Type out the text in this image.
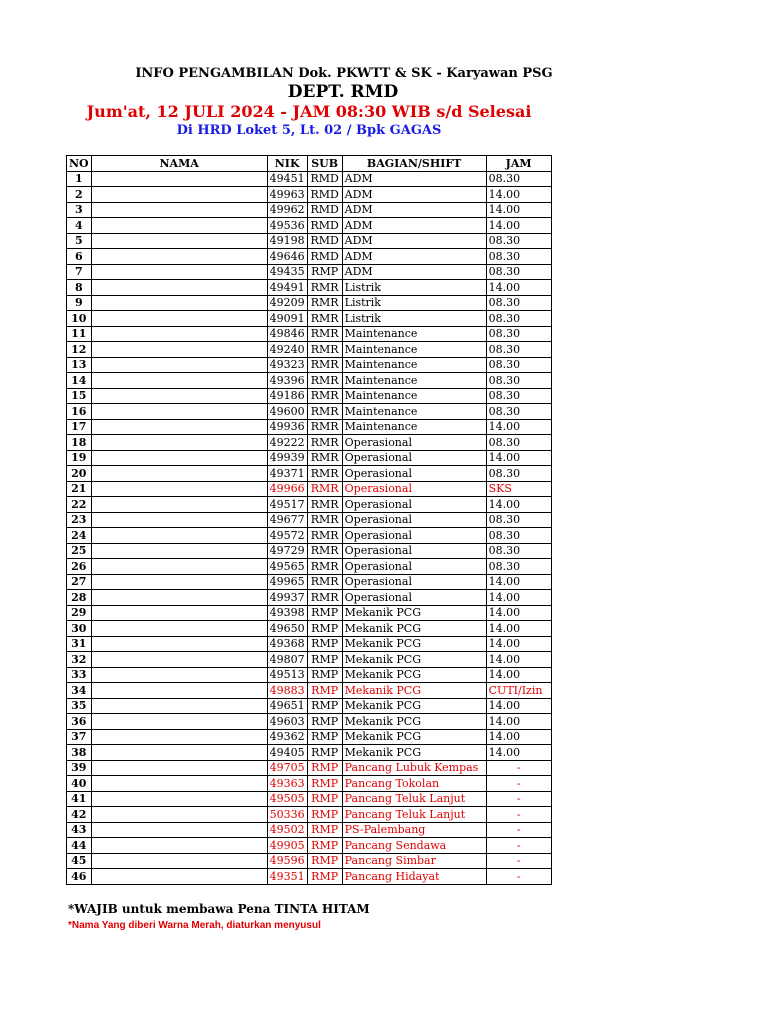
INFO PENGAMBILAN Dok. PKWTT & SK - Karyawan PSG
DEPT. RMD
Jum'at, 12 JULI 2024 - JAM 08:30 WIB s/d Selesai
Di HRD Loket 5, Lt. 02 / Bpk GAGAS
NO	NAMA	NIK	SUB	BAGIAN/SHIFT	JAM
1		49451	RMD	ADM	08.30
2		49963	RMD	ADM	14.00
3		49962	RMD	ADM	14.00
4		49536	RMD	ADM	14.00
5		49198	RMD	ADM	08.30
6		49646	RMD	ADM	08.30
7		49435	RMP	ADM	08.30
8		49491	RMR	Listrik	14.00
9		49209	RMR	Listrik	08.30
10		49091	RMR	Listrik	08.30
11		49846	RMR	Maintenance	08.30
12		49240	RMR	Maintenance	08.30
13		49323	RMR	Maintenance	08.30
14		49396	RMR	Maintenance	08.30
15		49186	RMR	Maintenance	08.30
16		49600	RMR	Maintenance	08.30
17		49936	RMR	Maintenance	14.00
18		49222	RMR	Operasional	08.30
19		49939	RMR	Operasional	14.00
20		49371	RMR	Operasional	08.30
21		49966	RMR	Operasional	SKS
22		49517	RMR	Operasional	14.00
23		49677	RMR	Operasional	08.30
24		49572	RMR	Operasional	08.30
25		49729	RMR	Operasional	08.30
26		49565	RMR	Operasional	08.30
27		49965	RMR	Operasional	14.00
28		49937	RMR	Operasional	14.00
29		49398	RMP	Mekanik PCG	14.00
30		49650	RMP	Mekanik PCG	14.00
31		49368	RMP	Mekanik PCG	14.00
32		49807	RMP	Mekanik PCG	14.00
33		49513	RMP	Mekanik PCG	14.00
34		49883	RMP	Mekanik PCG	CUTI/Izin
35		49651	RMP	Mekanik PCG	14.00
36		49603	RMP	Mekanik PCG	14.00
37		49362	RMP	Mekanik PCG	14.00
38		49405	RMP	Mekanik PCG	14.00
39		49705	RMP	Pancang Lubuk Kempas	-
40		49363	RMP	Pancang Tokolan	-
41		49505	RMP	Pancang Teluk Lanjut	-
42		50336	RMP	Pancang Teluk Lanjut	-
43		49502	RMP	PS-Palembang	-
44		49905	RMP	Pancang Sendawa	-
45		49596	RMP	Pancang Simbar	-
46		49351	RMP	Pancang Hidayat	-
*WAJIB untuk membawa Pena TINTA HITAM
*Nama Yang diberi Warna Merah, diaturkan menyusul
